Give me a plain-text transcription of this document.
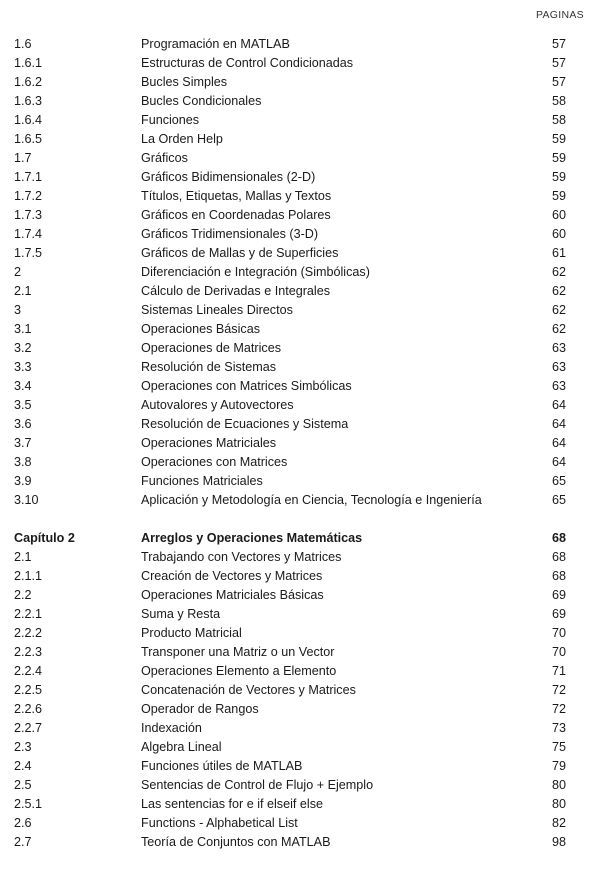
PAGINAS
1.6	Programación en MATLAB	57
1.6.1	Estructuras de Control Condicionadas	57
1.6.2	Bucles Simples	57
1.6.3	Bucles Condicionales	58
1.6.4	Funciones	58
1.6.5	La Orden Help	59
1.7	Gráficos	59
1.7.1	Gráficos Bidimensionales (2-D)	59
1.7.2	Títulos, Etiquetas, Mallas y Textos	59
1.7.3	Gráficos en Coordenadas Polares	60
1.7.4	Gráficos Tridimensionales (3-D)	60
1.7.5	Gráficos de Mallas y de Superficies	61
2	Diferenciación e Integración (Simbólicas)	62
2.1	Cálculo de Derivadas e Integrales	62
3	Sistemas Lineales Directos	62
3.1	Operaciones Básicas	62
3.2	Operaciones de Matrices	63
3.3	Resolución de Sistemas	63
3.4	Operaciones con Matrices Simbólicas	63
3.5	Autovalores y Autovectores	64
3.6	Resolución de Ecuaciones y Sistema	64
3.7	Operaciones Matriciales	64
3.8	Operaciones con Matrices	64
3.9	Funciones Matriciales	65
3.10	Aplicación y Metodología en Ciencia, Tecnología e Ingeniería	65
Capítulo 2	Arreglos y Operaciones Matemáticas	68
2.1	Trabajando con Vectores y Matrices	68
2.1.1	Creación de Vectores y Matrices	68
2.2	Operaciones Matriciales Básicas	69
2.2.1	Suma y Resta	69
2.2.2	Producto Matricial	70
2.2.3	Transponer una Matriz o un Vector	70
2.2.4	Operaciones Elemento a Elemento	71
2.2.5	Concatenación de Vectores y Matrices	72
2.2.6	Operador de Rangos	72
2.2.7	Indexación	73
2.3	Algebra Lineal	75
2.4	Funciones útiles de MATLAB	79
2.5	Sentencias de Control de Flujo + Ejemplo	80
2.5.1	Las sentencias for e if elseif else	80
2.6	Functions - Alphabetical List	82
2.7	Teoría de Conjuntos con MATLAB	98
